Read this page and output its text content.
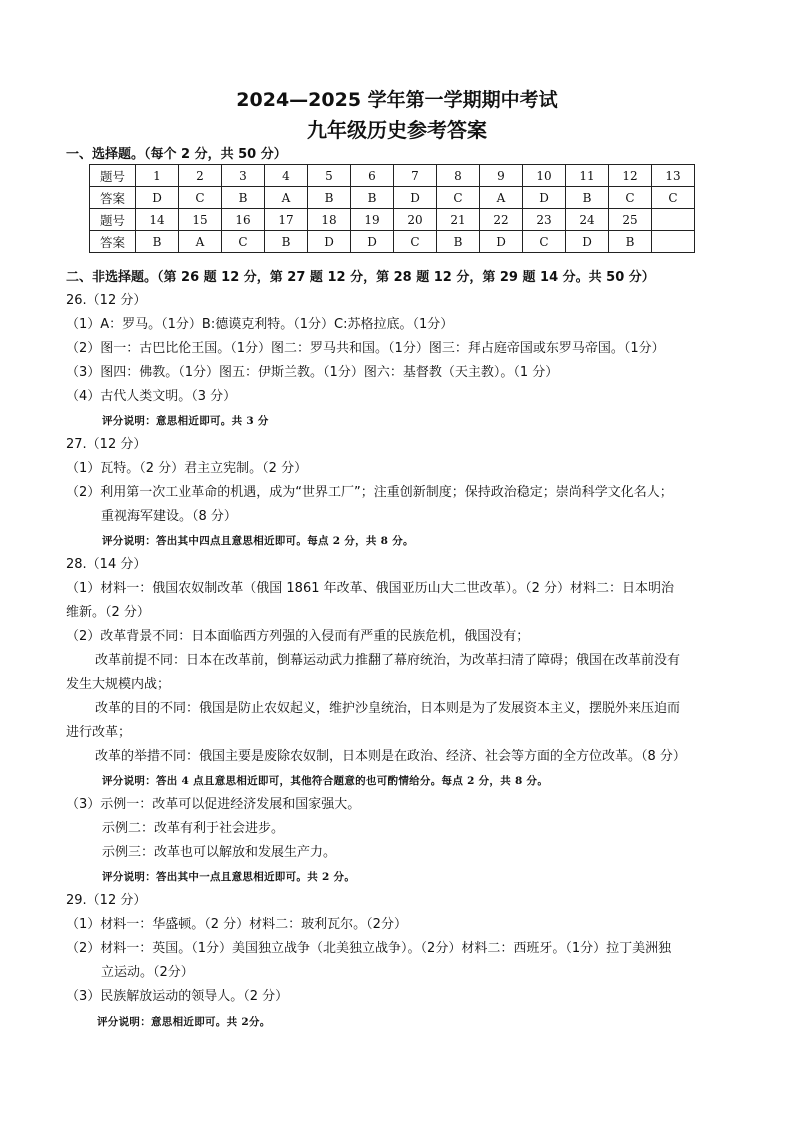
2024—2025 学年第一学期期中考试
九年级历史参考答案
一、选择题。（每个 2 分，共 50 分）
题号	1	2	3	4	5	6	7	8	9	10	11	12	13
答案	D	C	B	A	B	B	D	C	A	D	B	C	C
题号	14	15	16	17	18	19	20	21	22	23	24	25	
答案	B	A	C	B	D	D	C	B	D	C	D	B	
二、非选择题。（第 26 题 12 分，第 27 题 12 分，第 28 题 12 分，第 29 题 14 分。共 50 分）
26.（12 分）
（1）A：罗马。（1分）B:德谟克利特。（1分）C:苏格拉底。（1分）
（2）图一：古巴比伦王国。（1分）图二：罗马共和国。（1分）图三：拜占庭帝国或东罗马帝国。（1分）
（3）图四：佛教。（1分）图五：伊斯兰教。（1分）图六：基督教（天主教）。（1 分）
（4）古代人类文明。（3 分）
评分说明：意思相近即可。共 3 分
27.（12 分）
（1）瓦特。（2 分）君主立宪制。（2 分）
（2）利用第一次工业革命的机遇，成为“世界工厂”；注重创新制度；保持政治稳定；崇尚科学文化名人；
重视海军建设。（8 分）
评分说明：答出其中四点且意思相近即可。每点 2 分，共 8 分。
28.（14 分）
（1）材料一：俄国农奴制改革（俄国 1861 年改革、俄国亚历山大二世改革）。（2 分）材料二：日本明治
维新。（2 分）
（2）改革背景不同：日本面临西方列强的入侵而有严重的民族危机，俄国没有；
改革前提不同：日本在改革前，倒幕运动武力推翻了幕府统治，为改革扫清了障碍；俄国在改革前没有
发生大规模内战；
改革的目的不同：俄国是防止农奴起义，维护沙皇统治，日本则是为了发展资本主义，摆脱外来压迫而
进行改革；
改革的举措不同：俄国主要是废除农奴制，日本则是在政治、经济、社会等方面的全方位改革。（8 分）
评分说明：答出 4 点且意思相近即可，其他符合题意的也可酌情给分。每点 2 分，共 8 分。
（3）示例一：改革可以促进经济发展和国家强大。
示例二：改革有利于社会进步。
示例三：改革也可以解放和发展生产力。
评分说明：答出其中一点且意思相近即可。共 2 分。
29.（12 分）
（1）材料一：华盛顿。（2 分）材料二：玻利瓦尔。（2分）
（2）材料一：英国。（1分）美国独立战争（北美独立战争）。（2分）材料二：西班牙。（1分）拉丁美洲独
立运动。（2分）
（3）民族解放运动的领导人。（2 分）
评分说明：意思相近即可。共 2分。
